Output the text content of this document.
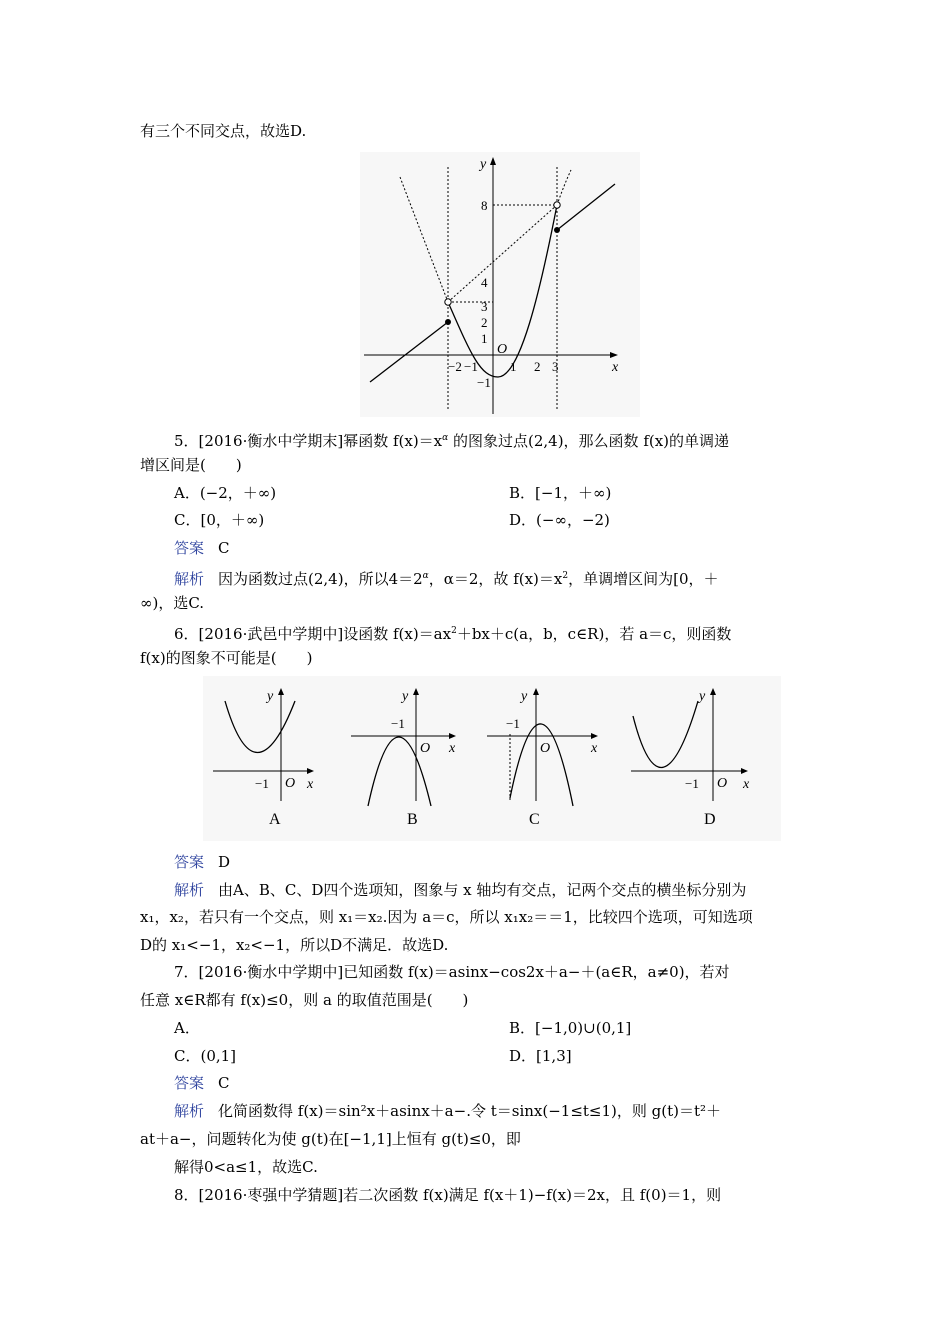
有三个不同交点，故选D.
y
x
O
8
4
3
2
1
−1
−2 −1 1 2 3
5．[2016·衡水中学期末]幂函数 $f(x)=x^\alpha$ 的图象过点(2,4)，那么函数 f(x)的单调递
增区间是(　　)
A．(−2，＋∞)	B．[−1，＋∞)
C．[0，＋∞)	D．(−∞，−2)
答案 C
解析 因为函数过点(2,4)，所以$4=2^\alpha$，α＝2，故 $f(x)=x^2$，单调增区间为[0，＋
∞)，选C.
6．[2016·武邑中学期中]设函数 $f(x)=ax^2+bx+c(a$，b，c∈R)，若 a＝c，则函数
f(x)的图象不可能是(　　)
y
x
O
−1
A
y
x
O
−1
B
y
x
O
−1
C
y
x
O
−1
D
答案 D
解析 由A、B、C、D四个选项知，图象与 x 轴均有交点，记两个交点的横坐标分别为
x₁，x₂，若只有一个交点，则 x₁＝x₂.因为 a＝c，所以 x₁x₂＝＝1，比较四个选项，可知选项
D的 x₁<−1，x₂<−1，所以D不满足．故选D.
7．[2016·衡水中学期中]已知函数 f(x)＝asinx−cos2x＋a−＋(a∈R，a≠0)，若对
任意 x∈R都有 f(x)≤0，则 a 的取值范围是(　　)
A．	B．[−1,0)∪(0,1]
C．(0,1]	D．[1,3]
答案 C
解析 化简函数得 f(x)＝sin²x＋asinx＋a−.令 t＝sinx(−1≤t≤1)，则 g(t)＝t²＋
at＋a−，问题转化为使 g(t)在[−1,1]上恒有 g(t)≤0，即
解得0<a≤1，故选C.
8．[2016·枣强中学猜题]若二次函数 f(x)满足 f(x＋1)−f(x)＝2x，且 f(0)＝1，则
